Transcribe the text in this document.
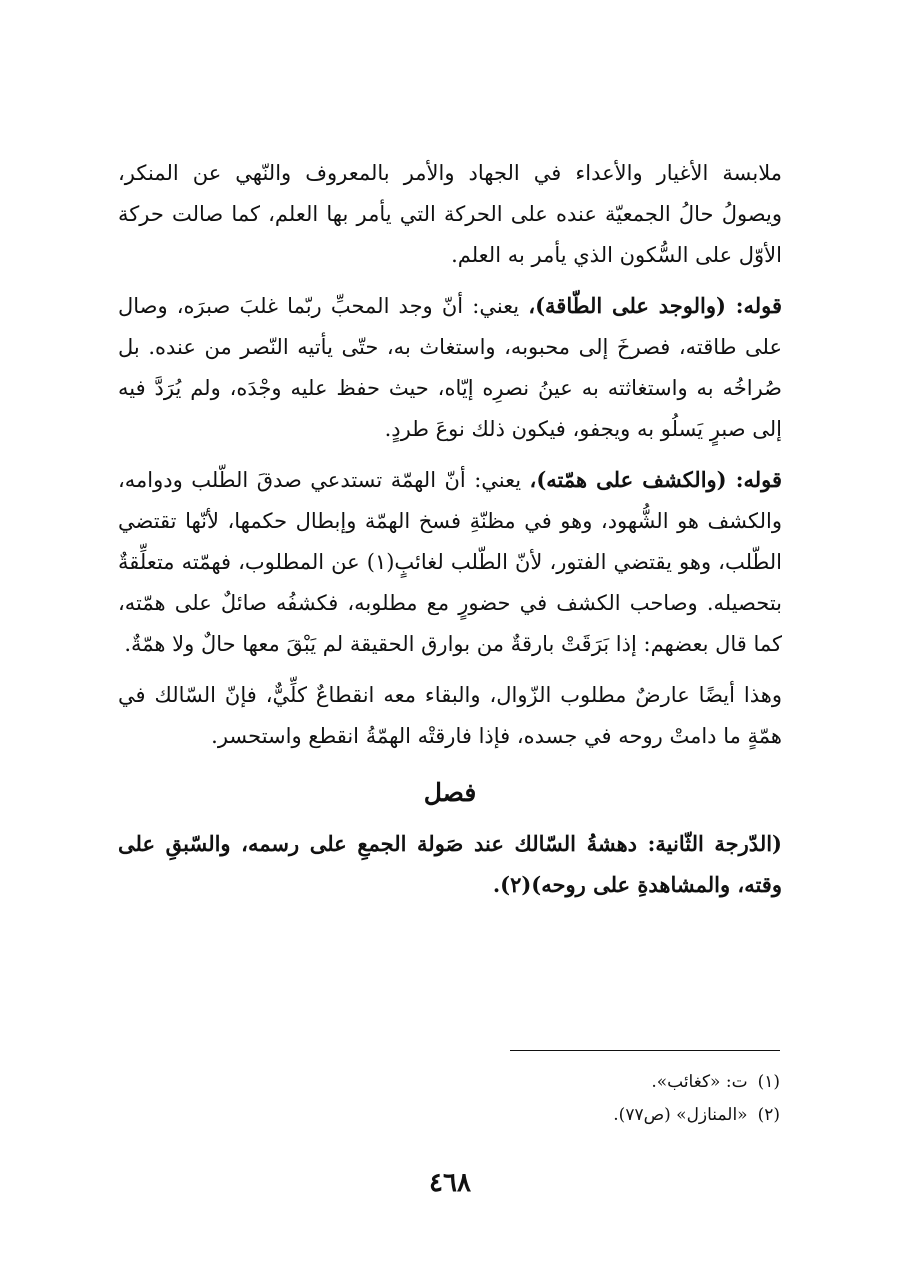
ملابسة الأغيار والأعداء في الجهاد والأمر بالمعروف والنّهي عن المنكر، ويصولُ حالُ الجمعيّة عنده على الحركة التي يأمر بها العلم، كما صالت حركة الأوّل على السُّكون الذي يأمر به العلم.

قوله: (والوجد على الطّاقة)، يعني: أنّ وجد المحبِّ ربّما غلبَ صبرَه، وصال على طاقته، فصرخَ إلى محبوبه، واستغاث به، حتّى يأتيه النّصر من عنده. بل صُراخُه به واستغاثته به عينُ نصرِه إيّاه، حيث حفظ عليه وجْدَه، ولم يُرَدَّ فيه إلى صبرٍ يَسلُو به ويجفو، فيكون ذلك نوعَ طردٍ.

قوله: (والكشف على همّته)، يعني: أنّ الهمّة تستدعي صدقَ الطّلب ودوامه، والكشف هو الشُّهود، وهو في مظنّةِ فسخ الهمّة وإبطال حكمها، لأنّها تقتضي الطّلب، وهو يقتضي الفتور، لأنّ الطّلب لغائبٍ(١) عن المطلوب، فهمّته متعلِّقةٌ بتحصيله. وصاحب الكشف في حضورٍ مع مطلوبه، فكشفُه صائلٌ على همّته، كما قال بعضهم: إذا بَرَقَتْ بارقةٌ من بوارق الحقيقة لم يَبْقَ معها حالٌ ولا همّةٌ.

وهذا أيضًا عارضٌ مطلوب الزّوال، والبقاء معه انقطاعٌ كلِّيٌّ، فإنّ السّالك في همّةٍ ما دامتْ روحه في جسده، فإذا فارقتْه الهمّةُ انقطع واستحسر.

فصل

(الدّرجة الثّانية: دهشةُ السّالك عند صَولة الجمعِ على رسمه، والسّبقِ على وقته، والمشاهدةِ على روحه)(٢).

(١)ت: «كغائب».

(٢)«المنازل» (ص٧٧).

٤٦٨
